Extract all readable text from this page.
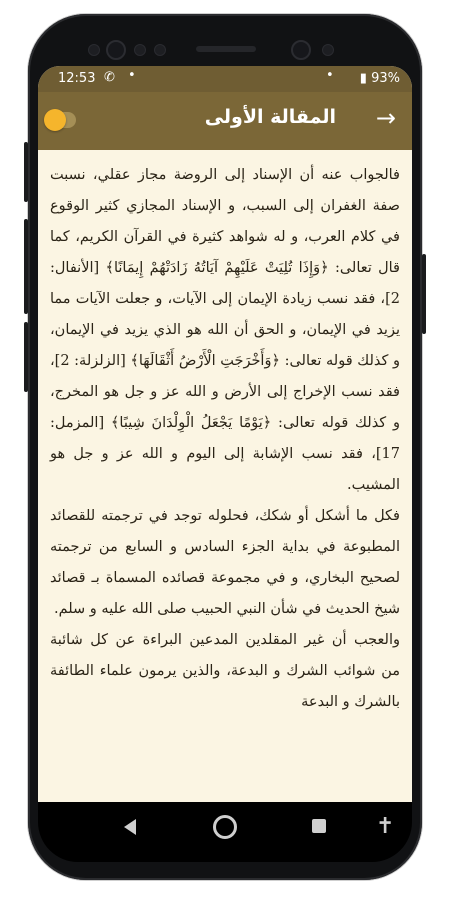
12:53 ✆ •	• ▮ 93%
المقالة الأولى →

فالجواب عنه أن الإسناد إلى الروضة مجاز عقلي، نسبت صفة الغفران إلى السبب، و الإسناد المجازي كثير الوقوع في كلام العرب، و له شواهد كثيرة في القرآن الكريم، كما قال تعالى: ﴿وَإِذَا تُلِيَتْ عَلَيْهِمْ آيَاتُهُ زَادَتْهُمْ إِيمَانًا﴾ [الأنفال: 2]، فقد نسب زيادة الإيمان إلى الآيات، و جعلت الآيات مما يزيد في الإيمان، و الحق أن الله هو الذي يزيد في الإيمان، و كذلك قوله تعالى: ﴿وَأَخْرَجَتِ الْأَرْضُ أَثْقَالَهَا﴾ [الزلزلة: 2]، فقد نسب الإخراج إلى الأرض و الله عز و جل هو المخرج، و كذلك قوله تعالى: ﴿يَوْمًا يَجْعَلُ الْوِلْدَانَ شِيبًا﴾ [المزمل: 17]، فقد نسب الإشابة إلى اليوم و الله عز و جل هو المشيب.

فكل ما أشكل أو شكك، فحلوله توجد في ترجمته للقصائد المطبوعة في بداية الجزء السادس و السابع من ترجمته لصحيح البخاري، و في مجموعة قصائده المسماة بـ قصائد شيخ الحديث في شأن النبي الحبيب صلى الله عليه و سلم.

والعجب أن غير المقلدين المدعين البراءة عن كل شائبة من شوائب الشرك و البدعة، والذين يرمون علماء الطائفة بالشرك و البدعة

✝
